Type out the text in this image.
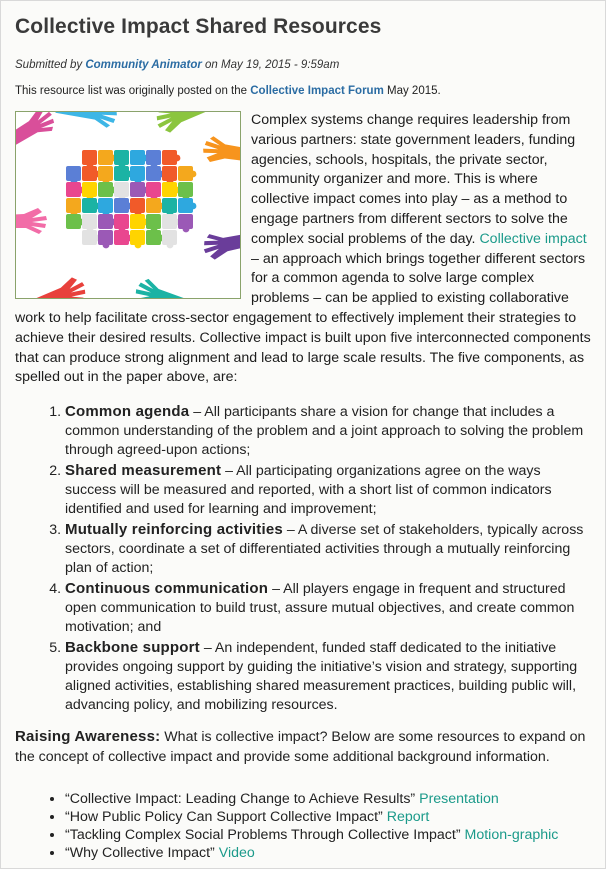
Collective Impact Shared Resources
Submitted by Community Animator on May 19, 2015 - 9:59am
This resource list was originally posted on the Collective Impact Forum May 2015.
Complex systems change requires leadership from various partners: state government leaders, funding agencies, schools, hospitals, the private sector, community organizer and more. This is where collective impact comes into play – as a method to engage partners from different sectors to solve the complex social problems of the day. Collective impact – an approach which brings together different sectors for a common agenda to solve large complex problems – can be applied to existing collaborative work to help facilitate cross-sector engagement to effectively implement their strategies to achieve their desired results. Collective impact is built upon five interconnected components that can produce strong alignment and lead to large scale results. The five components, as spelled out in the paper above, are:
1. Common agenda – All participants share a vision for change that includes a common understanding of the problem and a joint approach to solving the problem through agreed-upon actions;
2. Shared measurement – All participating organizations agree on the ways success will be measured and reported, with a short list of common indicators identified and used for learning and improvement;
3. Mutually reinforcing activities – A diverse set of stakeholders, typically across sectors, coordinate a set of differentiated activities through a mutually reinforcing plan of action;
4. Continuous communication – All players engage in frequent and structured open communication to build trust, assure mutual objectives, and create common motivation; and
5. Backbone support – An independent, funded staff dedicated to the initiative provides ongoing support by guiding the initiative’s vision and strategy, supporting aligned activities, establishing shared measurement practices, building public will, advancing policy, and mobilizing resources.
Raising Awareness: What is collective impact? Below are some resources to expand on the concept of collective impact and provide some additional background information.
• “Collective Impact: Leading Change to Achieve Results” Presentation
• “How Public Policy Can Support Collective Impact” Report
• “Tackling Complex Social Problems Through Collective Impact” Motion-graphic
• “Why Collective Impact” Video
